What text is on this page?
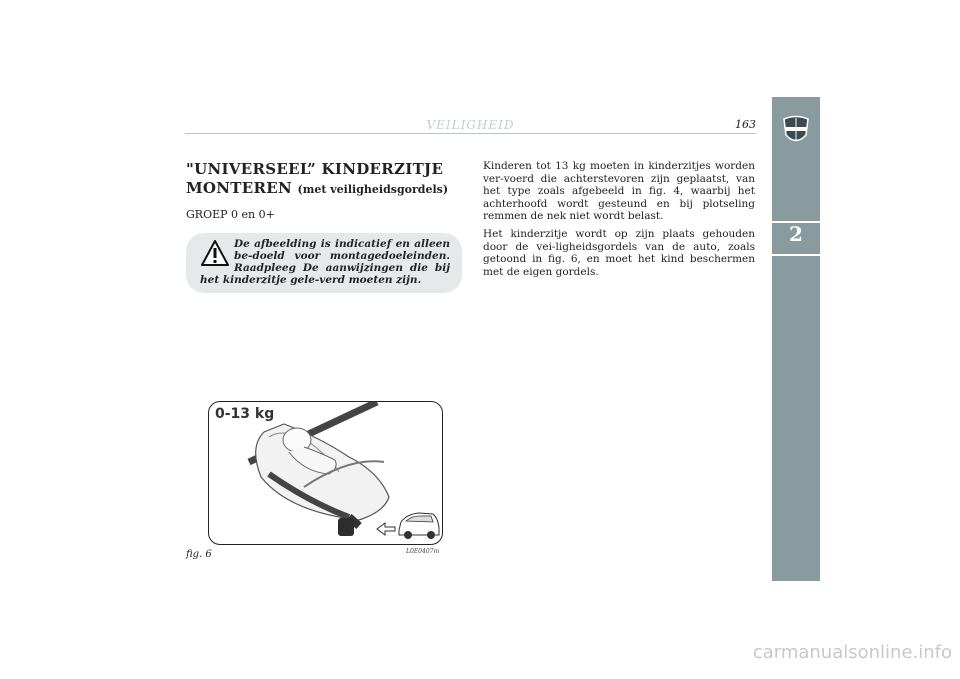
2
VEILIGHEID	163
"UNIVERSEEL” KINDERZITJE MONTEREN (met veiligheidsgordels)
GROEP 0 en 0+
De afbeelding is indicatief en alleen be-doeld voor montagedoeleinden. Raadpleeg De aanwijzingen die bij het kinderzitje gele-verd moeten zijn.
0-13 kg
fig. 6	L0E0407m

Kinderen tot 13 kg moeten in kinderzitjes worden ver-voerd die achterstevoren zijn geplaatst, van het type zoals afgebeeld in fig. 4, waarbij het achterhoofd wordt gesteund en bij plotseling remmen de nek niet wordt belast.

Het kinderzitje wordt op zijn plaats gehouden door de vei-ligheidsgordels van de auto, zoals getoond in fig. 6, en moet het kind beschermen met de eigen gordels.

carmanualsonline.info
